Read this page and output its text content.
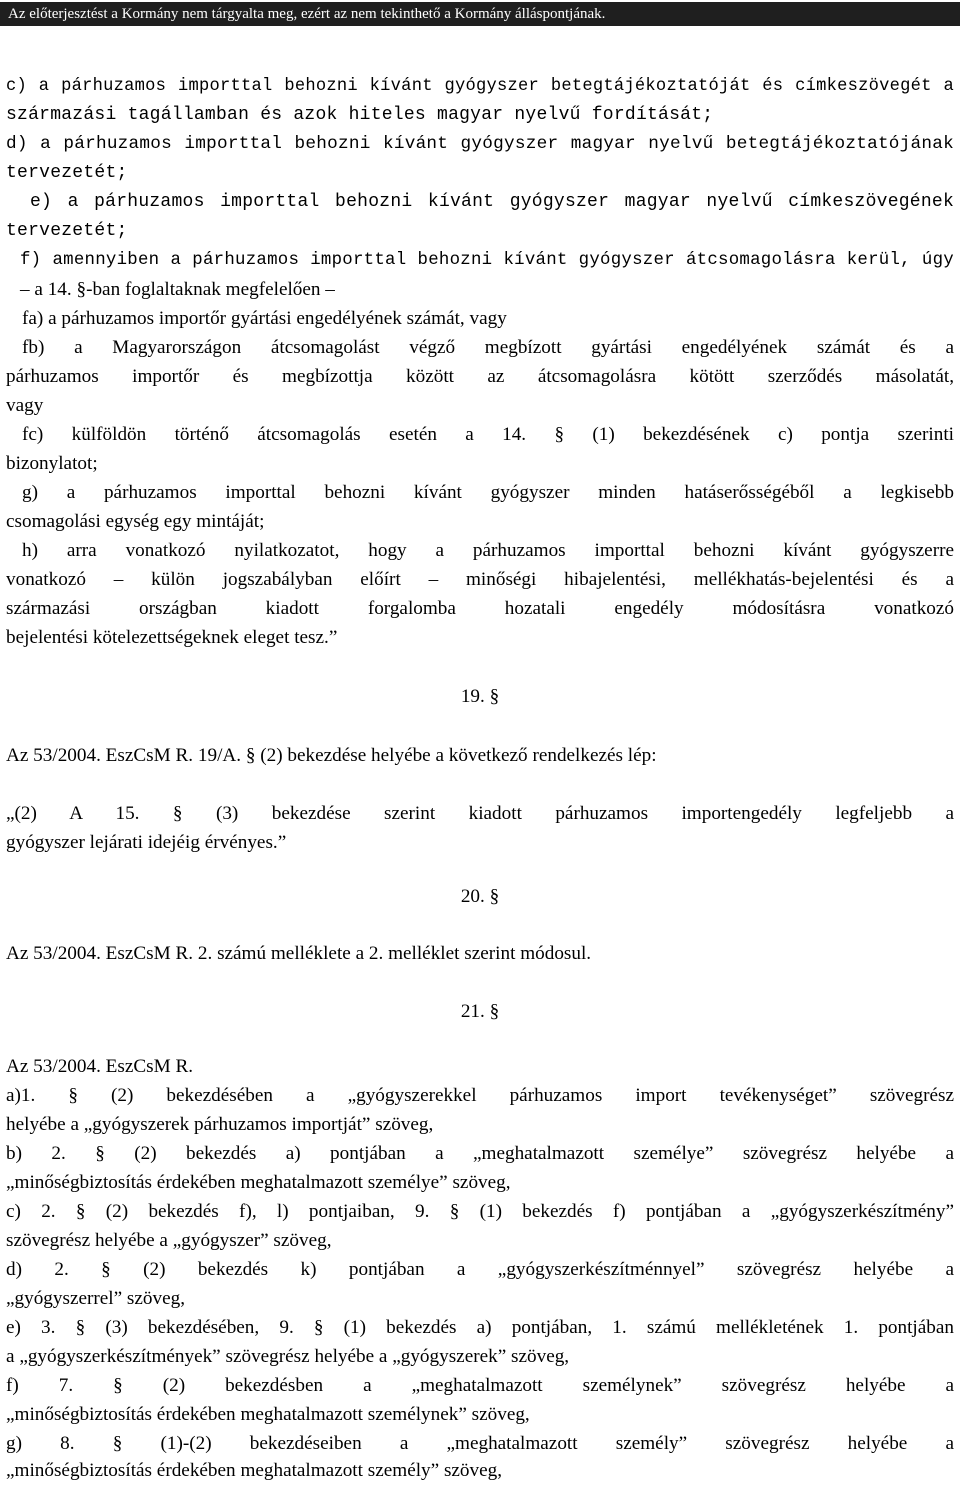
Az előterjesztést a Kormány nem tárgyalta meg, ezért az nem tekinthető a Kormány álláspontjának.
c) a párhuzamos importtal behozni kívánt gyógyszer betegtájékoztatóját és címkeszövegét a
származási tagállamban és azok hiteles magyar nyelvű fordítását;
d) a párhuzamos importtal behozni kívánt gyógyszer magyar nyelvű betegtájékoztatójának
tervezetét;
e) a párhuzamos importtal behozni kívánt gyógyszer magyar nyelvű címkeszövegének
tervezetét;
f) amennyiben a párhuzamos importtal behozni kívánt gyógyszer átcsomagolásra kerül, úgy
– a 14. §-ban foglaltaknak megfelelően –
fa) a párhuzamos importőr gyártási engedélyének számát, vagy
fb) a Magyarországon átcsomagolást végző megbízott gyártási engedélyének számát és a
párhuzamos importőr és megbízottja között az átcsomagolásra kötött szerződés másolatát,
vagy
fc) külföldön történő átcsomagolás esetén a 14. § (1) bekezdésének c) pontja szerinti
bizonylatot;
g) a párhuzamos importtal behozni kívánt gyógyszer minden hatáserősségéből a legkisebb
csomagolási egység egy mintáját;
h) arra vonatkozó nyilatkozatot, hogy a párhuzamos importtal behozni kívánt gyógyszerre
vonatkozó – külön jogszabályban előírt – minőségi hibajelentési, mellékhatás-bejelentési és a
származási országban kiadott forgalomba hozatali engedély módosításra vonatkozó
bejelentési kötelezettségeknek eleget tesz.”
19. §
Az 53/2004. EszCsM R. 19/A. § (2) bekezdése helyébe a következő rendelkezés lép:
„(2) A 15. § (3) bekezdése szerint kiadott párhuzamos importengedély legfeljebb a
gyógyszer lejárati idejéig érvényes.”
20. §
Az 53/2004. EszCsM R. 2. számú melléklete a 2. melléklet szerint módosul.
21. §
Az 53/2004. EszCsM R.
a)1. § (2) bekezdésében a „gyógyszerekkel párhuzamos import tevékenységet” szövegrész
helyébe a „gyógyszerek párhuzamos importját” szöveg,
b) 2. § (2) bekezdés a) pontjában a „meghatalmazott személye” szövegrész helyébe a
„minőségbiztosítás érdekében meghatalmazott személye” szöveg,
c) 2. § (2) bekezdés f), l) pontjaiban, 9. § (1) bekezdés f) pontjában a „gyógyszerkészítmény”
szövegrész helyébe a „gyógyszer” szöveg,
d) 2. § (2) bekezdés k) pontjában a „gyógyszerkészítménnyel” szövegrész helyébe a
„gyógyszerrel” szöveg,
e) 3. § (3) bekezdésében, 9. § (1) bekezdés a) pontjában, 1. számú mellékletének 1. pontjában
a „gyógyszerkészítmények” szövegrész helyébe a „gyógyszerek” szöveg,
f) 7. § (2) bekezdésben a „meghatalmazott személynek” szövegrész helyébe a
„minőségbiztosítás érdekében meghatalmazott személynek” szöveg,
g) 8. § (1)-(2) bekezdéseiben a „meghatalmazott személy” szövegrész helyébe a
„minőségbiztosítás érdekében meghatalmazott személy” szöveg,
